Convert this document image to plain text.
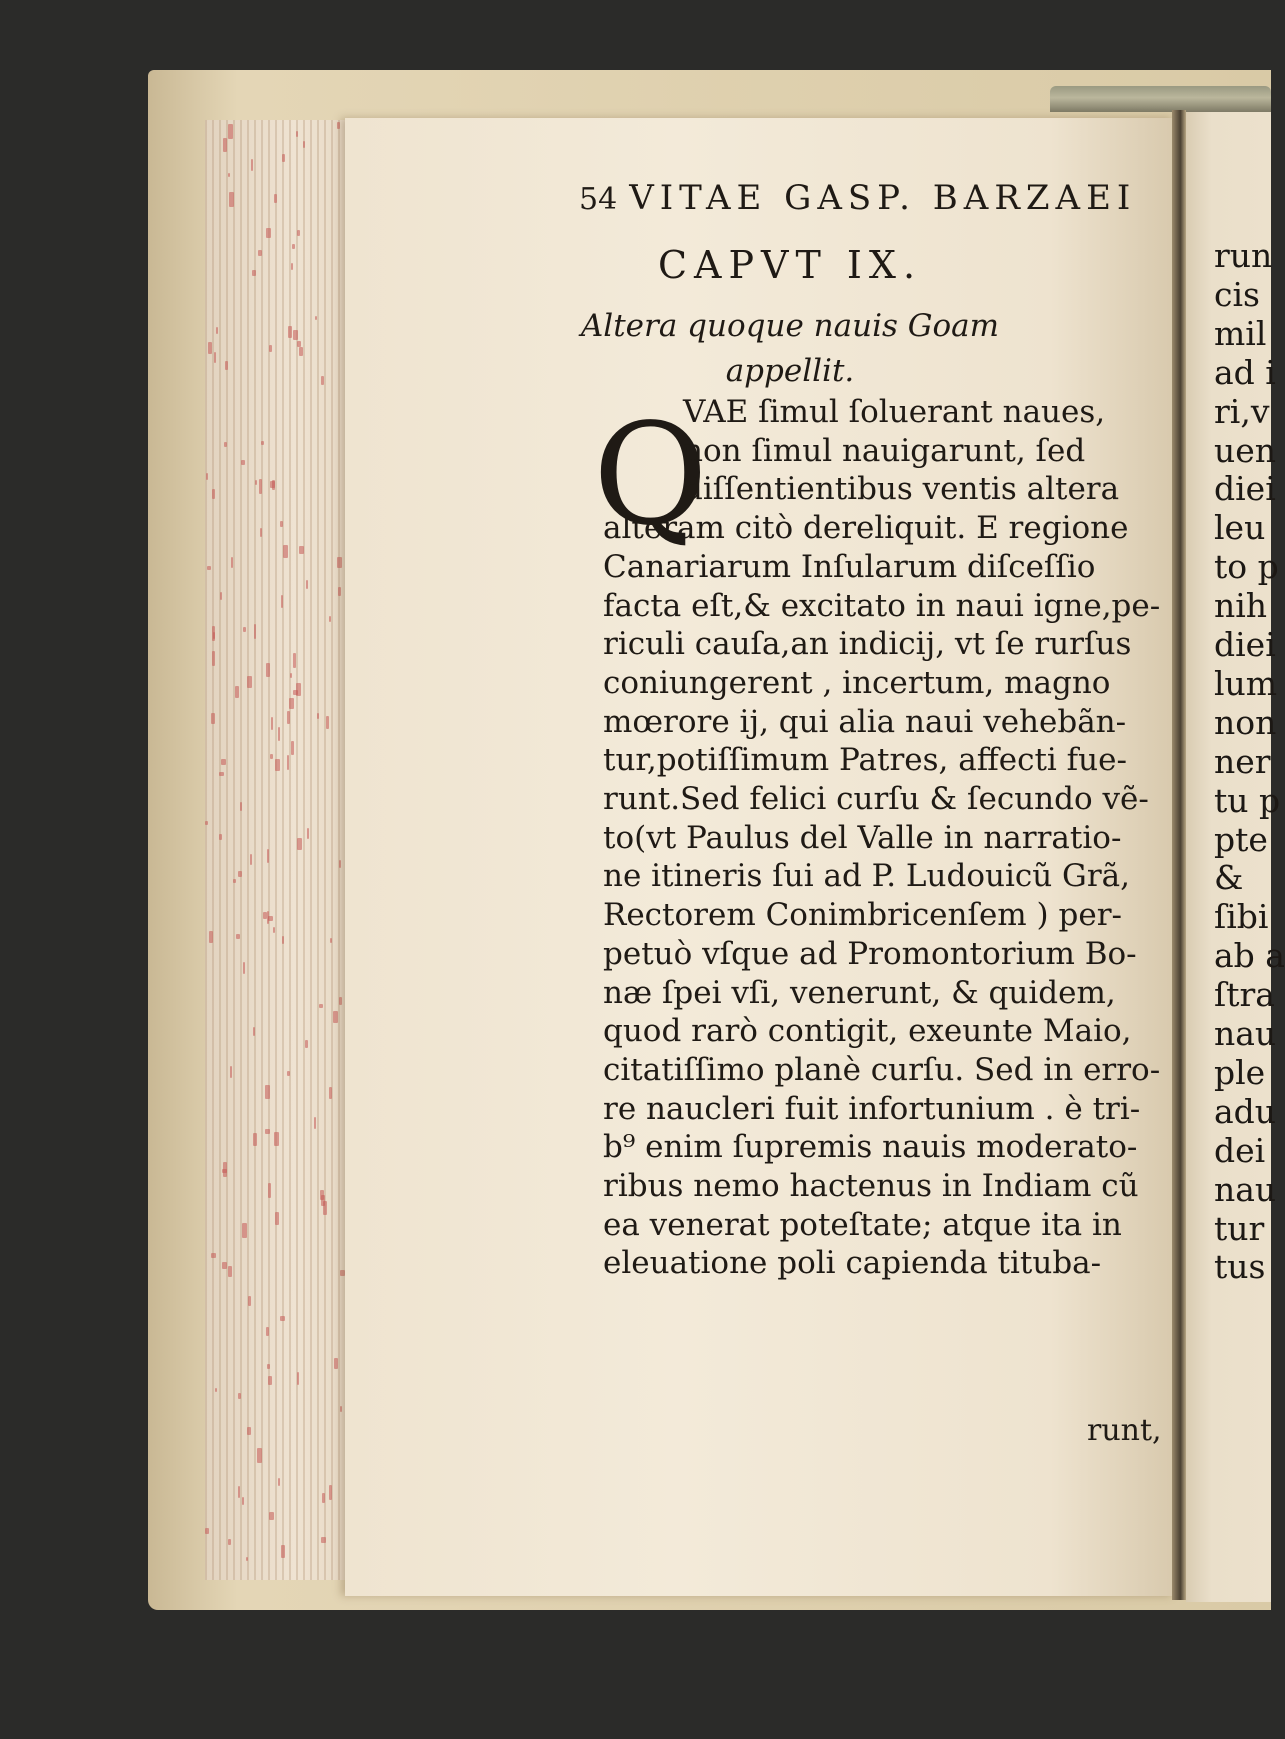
run
cis
mil
ad i
ri,v
uen
diei
leu
to p
nih
diei
lum
non
ner
tu p
pte
&
ſibi
ab a
ſtra
nau
ple
adu
dei
nau
tur
tus
54 VITAE GASP. BARZAEI
CAPVT IX.
Altera quoque nauis Goam
appellit.
Q
VAE ſimul ſoluerant naues,
non ſimul nauigarunt, ſed
diſſentientibus ventis altera
alteram citò dereliquit. E regione
Canariarum Inſularum diſceſſio
facta eſt,& excitato in naui igne,pe-
riculi cauſa,an indicij, vt ſe rurſus
coniungerent , incertum, magno
mœrore ij, qui alia naui vehebãn-
tur,potiſſimum Patres, affecti fue-
runt.Sed felici curſu & ſecundo vẽ-
to(vt Paulus del Valle in narratio-
ne itineris ſui ad P. Ludouicũ Grã,
Rectorem Conimbricenſem ) per-
petuò vſque ad Promontorium Bo-
næ ſpei vſi, venerunt, & quidem,
quod rarò contigit, exeunte Maio,
citatiſſimo planè curſu. Sed in erro-
re naucleri fuit infortunium . è tri-
b⁹ enim ſupremis nauis moderato-
ribus nemo hactenus in Indiam cũ
ea venerat poteſtate; atque ita in
eleuatione poli capienda tituba-
runt,
